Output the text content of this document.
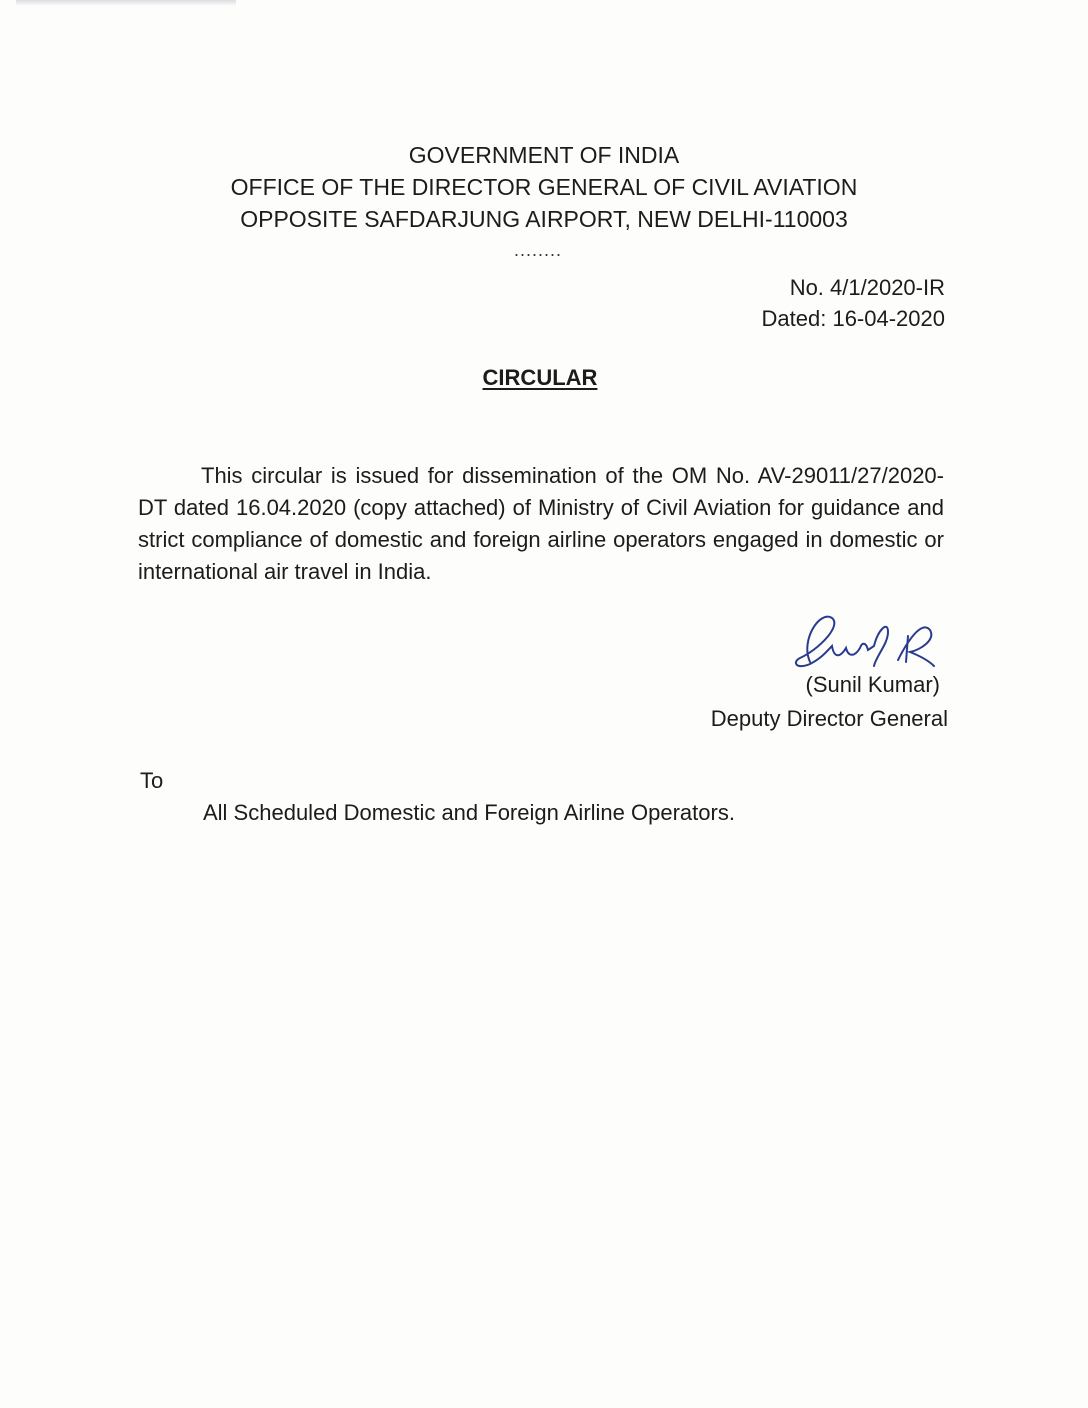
GOVERNMENT OF INDIA
OFFICE OF THE DIRECTOR GENERAL OF CIVIL AVIATION
OPPOSITE SAFDARJUNG AIRPORT, NEW DELHI-110003
........
No. 4/1/2020-IR
Dated: 16-04-2020
CIRCULAR

This circular is issued for dissemination of the OM No. AV-29011/27/2020-DT dated 16.04.2020 (copy attached) of Ministry of Civil Aviation for guidance and strict compliance of domestic and foreign airline operators engaged in domestic or international air travel in India.

(Sunil Kumar)
Deputy Director General
To
All Scheduled Domestic and Foreign Airline Operators.
